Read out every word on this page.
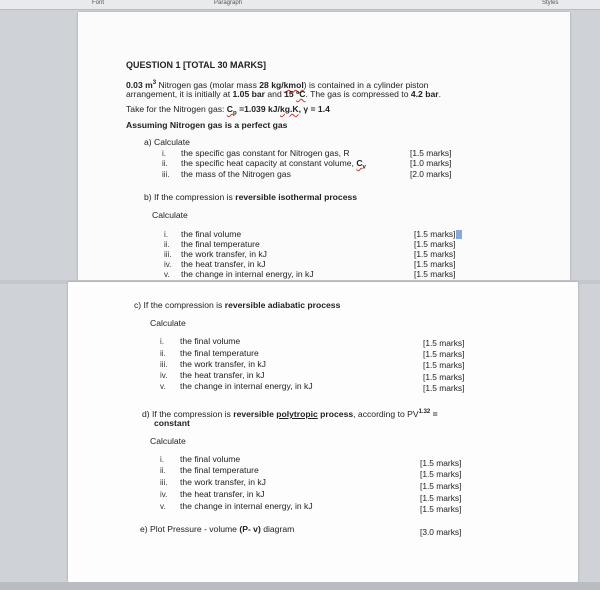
Font	Paragraph	Styles
QUESTION 1 [TOTAL 30 MARKS]
0.03 $m^3$ Nitrogen gas (molar mass 28 kg/kmol) is contained in a cylinder piston
arrangement, it is initially at 1.05 bar and 15 ºC. The gas is compressed to 4.2 bar.
Take for the Nitrogen gas: $C_p =1.039$ kJ/kg.K, γ = 1.4
Assuming Nitrogen gas is a perfect gas
a) Calculate
i. the specific gas constant for Nitrogen gas, R	[1.5 marks]
ii. the specific heat capacity at constant volume, $C_v$	[1.0 marks]
iii. the mass of the Nitrogen gas	[2.0 marks]
b) If the compression is reversible isothermal process
Calculate
i. the final volume	[1.5 marks]
ii. the final temperature	[1.5 marks]
iii. the work transfer, in kJ	[1.5 marks]
iv. the heat transfer, in kJ	[1.5 marks]
v. the change in internal energy, in kJ	[1.5 marks]
c) If the compression is reversible adiabatic process
Calculate
i. the final volume	[1.5 marks]
ii. the final temperature	[1.5 marks]
iii. the work transfer, in kJ	[1.5 marks]
iv. the heat transfer, in kJ	[1.5 marks]
v. the change in internal energy, in kJ	[1.5 marks]
d) If the compression is reversible polytropic process, according to $PV^{1.32}$ =
constant
Calculate
i. the final volume	[1.5 marks]
ii. the final temperature	[1.5 marks]
iii. the work transfer, in kJ	[1.5 marks]
iv. the heat transfer, in kJ	[1.5 marks]
v. the change in internal energy, in kJ	[1.5 marks]
e) Plot Pressure - volume (P- v) diagram	[3.0 marks]
